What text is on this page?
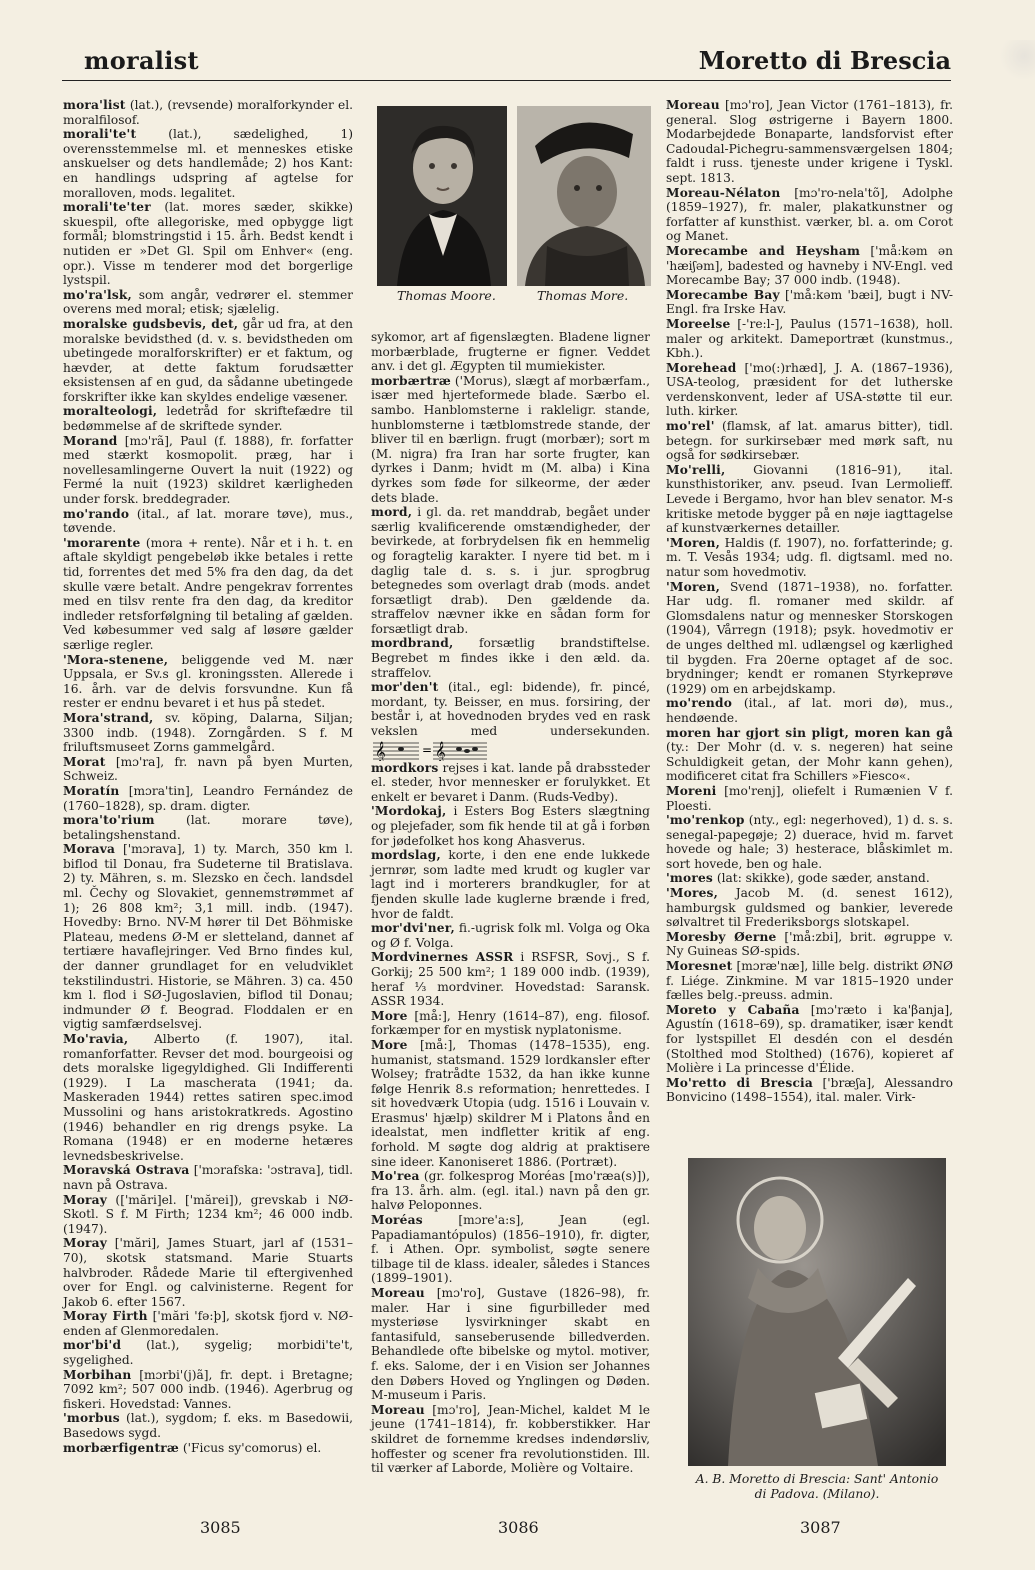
moralist	Moretto di Brescia
Thomas Moore.	Thomas More.
mora'list (lat.), (revsende) moralforkynder el. moralfilosof.
morali'te't (lat.), sædelighed, 1) overensstemmelse ml. et menneskes etiske anskuelser og dets handlemåde; 2) hos Kant: en handlings udspring af agtelse for moralloven, mods. legalitet.
morali'te'ter (lat. mores sæder, skikke) skuespil, ofte allegoriske, med opbygge ligt formål; blomstringstid i 15. årh. Bedst kendt i nutiden er »Det Gl. Spil om Enhver« (eng. opr.). Visse m tenderer mod det borgerlige lystspil.
mo'ra'lsk, som angår, vedrører el. stemmer overens med moral; etisk; sjælelig.
moralske gudsbevis, det, går ud fra, at den moralske bevidsthed (d. v. s. bevidstheden om ubetingede moralforskrifter) er et faktum, og hævder, at dette faktum forudsætter eksistensen af en gud, da sådanne ubetingede forskrifter ikke kan skyldes endelige væsener.
moralteologi, ledetråd for skriftefædre til bedømmelse af de skriftede synder.
Morand [mɔ'rã], Paul (f. 1888), fr. forfatter med stærkt kosmopolit. præg, har i novellesamlingerne Ouvert la nuit (1922) og Fermé la nuit (1923) skildret kærligheden under forsk. breddegrader.
mo'rando (ital., af lat. morare tøve), mus., tøvende.
'morarente (mora + rente). Når et i h. t. en aftale skyldigt pengebeløb ikke betales i rette tid, forrentes det med 5% fra den dag, da det skulle være betalt. Andre pengekrav forrentes med en tilsv rente fra den dag, da kreditor indleder retsforfølgning til betaling af gælden. Ved købesummer ved salg af løsøre gælder særlige regler.
'Mora-stenene, beliggende ved M. nær Uppsala, er Sv.s gl. kroningssten. Allerede i 16. årh. var de delvis forsvundne. Kun få rester er endnu bevaret i et hus på stedet.
Mora'strand, sv. köping, Dalarna, Siljan; 3300 indb. (1948). Zorngården. S f. M friluftsmuseet Zorns gammelgård.
Morat [mɔ'ra], fr. navn på byen Murten, Schweiz.
Moratín [mɔra'tin], Leandro Fernández de (1760–1828), sp. dram. digter.
mora'to'rium (lat. morare tøve), betalingshenstand.
Morava ['mɔrava], 1) ty. March, 350 km l. biflod til Donau, fra Sudeterne til Bratislava. 2) ty. Mähren, s. m. Slezsko en čech. landsdel ml. Čechy og Slovakiet, gennemstrømmet af 1); 26 808 km²; 3,1 mill. indb. (1947). Hovedby: Brno. NV-M hører til Det Böhmiske Plateau, medens Ø-M er sletteland, dannet af tertiære havaflejringer. Ved Brno findes kul, der danner grundlaget for en veludviklet tekstilindustri. Historie, se Mähren. 3) ca. 450 km l. flod i SØ-Jugoslavien, biflod til Donau; indmunder Ø f. Beograd. Floddalen er en vigtig samfærdselsvej.
Mo'ravia, Alberto (f. 1907), ital. romanforfatter. Revser det mod. bourgeoisi og dets moralske ligegyldighed. Gli Indifferenti (1929). I La mascherata (1941; da. Maskeraden 1944) rettes satiren spec.imod Mussolini og hans aristokratkreds. Agostino (1946) behandler en rig drengs psyke. La Romana (1948) er en moderne hetæres levnedsbeskrivelse.
Moravská Ostrava ['mɔrafska: 'ɔstrava], tidl. navn på Ostrava.
Moray (['mări]el. ['mărei]), grevskab i NØ-Skotl. S f. M Firth; 1234 km²; 46 000 indb. (1947).
Moray ['mări], James Stuart, jarl af (1531–70), skotsk statsmand. Marie Stuarts halvbroder. Rådede Marie til eftergivenhed over for Engl. og calvinisterne. Regent for Jakob 6. efter 1567.
Moray Firth ['mări 'fə:þ], skotsk fjord v. NØ-enden af Glenmoredalen.
mor'bi'd (lat.), sygelig; morbidi'te't, sygelighed.
Morbihan [mɔrbi'(j)ã], fr. dept. i Bretagne; 7092 km²; 507 000 indb. (1946). Agerbrug og fiskeri. Hovedstad: Vannes.
'morbus (lat.), sygdom; f. eks. m Basedowii, Basedows sygd.
morbærfigentræ ('Ficus sy'comorus) el.
sykomor, art af figenslægten. Bladene ligner morbærblade, frugterne er figner. Veddet anv. i det gl. Ægypten til mumiekister.
morbærtræ ('Morus), slægt af morbærfam., især med hjerteformede blade. Særbo el. sambo. Hanblomsterne i rakleligr. stande, hunblomsterne i tætblomstrede stande, der bliver til en bærlign. frugt (morbær); sort m (M. nigra) fra Iran har sorte frugter, kan dyrkes i Danm; hvidt m (M. alba) i Kina dyrkes som føde for silkeorme, der æder dets blade.
mord, i gl. da. ret manddrab, begået under særlig kvalificerende omstændigheder, der bevirkede, at forbrydelsen fik en hemmelig og foragtelig karakter. I nyere tid bet. m i daglig tale d. s. s. i jur. sprogbrug betegnedes som overlagt drab (mods. andet forsætligt drab). Den gældende da. straffelov nævner ikke en sådan form for forsætligt drab.
mordbrand, forsætlig brandstiftelse. Begrebet m findes ikke i den æld. da. straffelov.
mor'den't (ital., egl: bidende), fr. pincé, mordant, ty. Beisser, en mus. forsiring, der består i, at hovednoden brydes ved en rask vekslen med undersekunden.
𝄞	𝄞
=
mordkors rejses i kat. lande på drabssteder el. steder, hvor mennesker er forulykket. Et enkelt er bevaret i Danm. (Ruds-Vedby).
'Mordokaj, i Esters Bog Esters slægtning og plejefader, som fik hende til at gå i forbøn for jødefolket hos kong Ahasverus.
mordslag, korte, i den ene ende lukkede jernrør, som ladte med krudt og kugler var lagt ind i morterers brandkugler, for at fjenden skulle lade kuglerne brænde i fred, hvor de faldt.
mor'dvi'ner, fi.-ugrisk folk ml. Volga og Oka og Ø f. Volga.
Mordvinernes ASSR i RSFSR, Sovj., S f. Gorkij; 25 500 km²; 1 189 000 indb. (1939), heraf ⅓ mordviner. Hovedstad: Saransk. ASSR 1934.
More [må:], Henry (1614–87), eng. filosof. forkæmper for en mystisk nyplatonisme.
More [må:], Thomas (1478–1535), eng. humanist, statsmand. 1529 lordkansler efter Wolsey; fratrådte 1532, da han ikke kunne følge Henrik 8.s reformation; henrettedes. I sit hovedværk Utopia (udg. 1516 i Louvain v. Erasmus' hjælp) skildrer M i Platons ånd en idealstat, men indfletter kritik af eng. forhold. M søgte dog aldrig at praktisere sine ideer. Kanoniseret 1886. (Portræt).
Mo'rea (gr. folkesprog Moréas [mo'ræa(s)]), fra 13. årh. alm. (egl. ital.) navn på den gr. halvø Peloponnes.
Moréas [mɔre'a:s], Jean (egl. Papadiamantópulos) (1856–1910), fr. digter, f. i Athen. Opr. symbolist, søgte senere tilbage til de klass. idealer, således i Stances (1899–1901).
Moreau [mɔ'ro], Gustave (1826–98), fr. maler. Har i sine figurbilleder med mysteriøse lysvirkninger skabt en fantasifuld, sanseberusende billedverden. Behandlede ofte bibelske og mytol. motiver, f. eks. Salome, der i en Vision ser Johannes den Døbers Hoved og Ynglingen og Døden. M-museum i Paris.
Moreau [mɔ'ro], Jean-Michel, kaldet M le jeune (1741–1814), fr. kobberstikker. Har skildret de fornemme kredses indendørsliv, hoffester og scener fra revolutionstiden. Ill. til værker af Laborde, Molière og Voltaire.
Moreau [mɔ'ro], Jean Victor (1761–1813), fr. general. Slog østrigerne i Bayern 1800. Modarbejdede Bonaparte, landsforvist efter Cadoudal-Pichegru-sammensværgelsen 1804; faldt i russ. tjeneste under krigene i Tyskl. sept. 1813.
Moreau-Nélaton [mɔ'ro-nela'tõ], Adolphe (1859–1927), fr. maler, plakatkunstner og forfatter af kunsthist. værker, bl. a. om Corot og Manet.
Morecambe and Heysham ['må:kəm ən 'hæiʃəm], badested og havneby i NV-Engl. ved Morecambe Bay; 37 000 indb. (1948).
Morecambe Bay ['må:kəm 'bæi], bugt i NV-Engl. fra Irske Hav.
Moreelse [-'re:l-], Paulus (1571–1638), holl. maler og arkitekt. Dameportræt (kunstmus., Kbh.).
Morehead ['mo(:)rhæd], J. A. (1867–1936), USA-teolog, præsident for det lutherske verdenskonvent, leder af USA-støtte til eur. luth. kirker.
mo'rel' (flamsk, af lat. amarus bitter), tidl. betegn. for surkirsebær med mørk saft, nu også for sødkirsebær.
Mo'relli, Giovanni (1816–91), ital. kunsthistoriker, anv. pseud. Ivan Lermolieff. Levede i Bergamo, hvor han blev senator. M-s kritiske metode bygger på en nøje iagttagelse af kunstværkernes detailler.
'Moren, Haldis (f. 1907), no. forfatterinde; g. m. T. Vesås 1934; udg. fl. digtsaml. med no. natur som hovedmotiv.
'Moren, Svend (1871–1938), no. forfatter. Har udg. fl. romaner med skildr. af Glomsdalens natur og mennesker Storskogen (1904), Vårregn (1918); psyk. hovedmotiv er de unges delthed ml. udlængsel og kærlighed til bygden. Fra 20erne optaget af de soc. brydninger; kendt er romanen Styrkeprøve (1929) om en arbejdskamp.
mo'rendo (ital., af lat. mori dø), mus., hendøende.
moren har gjort sin pligt, moren kan gå (ty.: Der Mohr (d. v. s. negeren) hat seine Schuldigkeit getan, der Mohr kann gehen), modificeret citat fra Schillers »Fiesco«.
Moreni [mo'renj], oliefelt i Rumænien V f. Ploesti.
'mo'renkop (nty., egl: negerhoved), 1) d. s. s. senegal-papegøje; 2) duerace, hvid m. farvet hovede og hale; 3) hesterace, blåskimlet m. sort hovede, ben og hale.
'mores (lat: skikke), gode sæder, anstand.
'Mores, Jacob M. (d. senest 1612), hamburgsk guldsmed og bankier, leverede sølvaltret til Frederiksborgs slotskapel.
Moresby Øerne ['må:zbi], brit. øgruppe v. Ny Guineas SØ-spids.
Moresnet [mɔræ'næ], lille belg. distrikt ØNØ f. Liége. Zinkmine. M var 1815–1920 under fælles belg.-preuss. admin.
Moreto y Cabaña [mɔ'ræto i ka'βanja], Agustín (1618–69), sp. dramatiker, især kendt for lystspillet El desdén con el desdén (Stolthed mod Stolthed) (1676), kopieret af Molière i La princesse d'Élide.
Mo'retto di Brescia ['bræʃa], Alessandro Bonvicino (1498–1554), ital. maler. Virk-
A. B. Moretto di Brescia: Sant' Antonio di Padova. (Milano).
3085	3086	3087
